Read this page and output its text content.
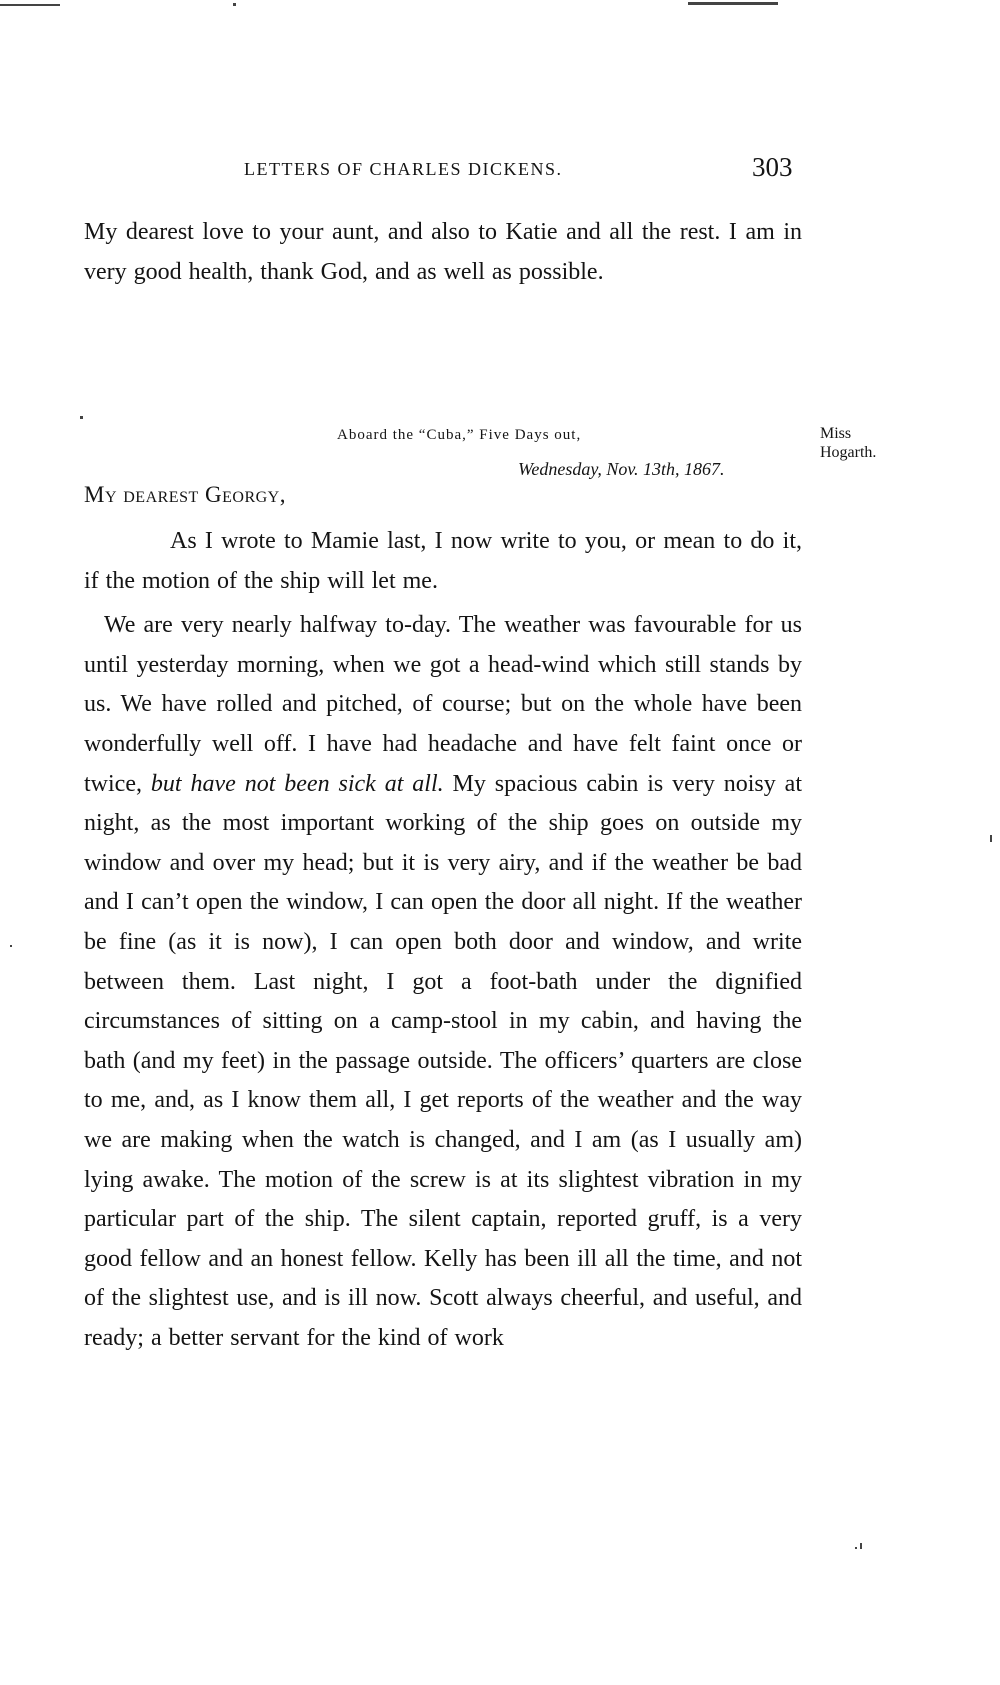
LETTERS OF CHARLES DICKENS.	303

My dearest love to your aunt, and also to Katie and all the rest. I am in very good health, thank God, and as well as possible.

Aboard the “Cuba,” Five Days out,
Wednesday, Nov. 13th, 1867.
Miss
Hogarth.
My dearest Georgy,

As I wrote to Mamie last, I now write to you, or mean to do it, if the motion of the ship will let me.

We are very nearly halfway to-day. The weather was favourable for us until yesterday morning, when we got a head-wind which still stands by us. We have rolled and pitched, of course; but on the whole have been wonderfully well off. I have had headache and have felt faint once or twice, but have not been sick at all. My spacious cabin is very noisy at night, as the most important working of the ship goes on outside my window and over my head; but it is very airy, and if the weather be bad and I can’t open the window, I can open the door all night. If the weather be fine (as it is now), I can open both door and window, and write between them. Last night, I got a foot-bath under the dignified circumstances of sitting on a camp-stool in my cabin, and having the bath (and my feet) in the passage outside. The officers’ quarters are close to me, and, as I know them all, I get reports of the weather and the way we are making when the watch is changed, and I am (as I usually am) lying awake. The motion of the screw is at its slightest vibration in my particular part of the ship. The silent captain, reported gruff, is a very good fellow and an honest fellow. Kelly has been ill all the time, and not of the slightest use, and is ill now. Scott always cheerful, and useful, and ready; a better servant for the kind of work
